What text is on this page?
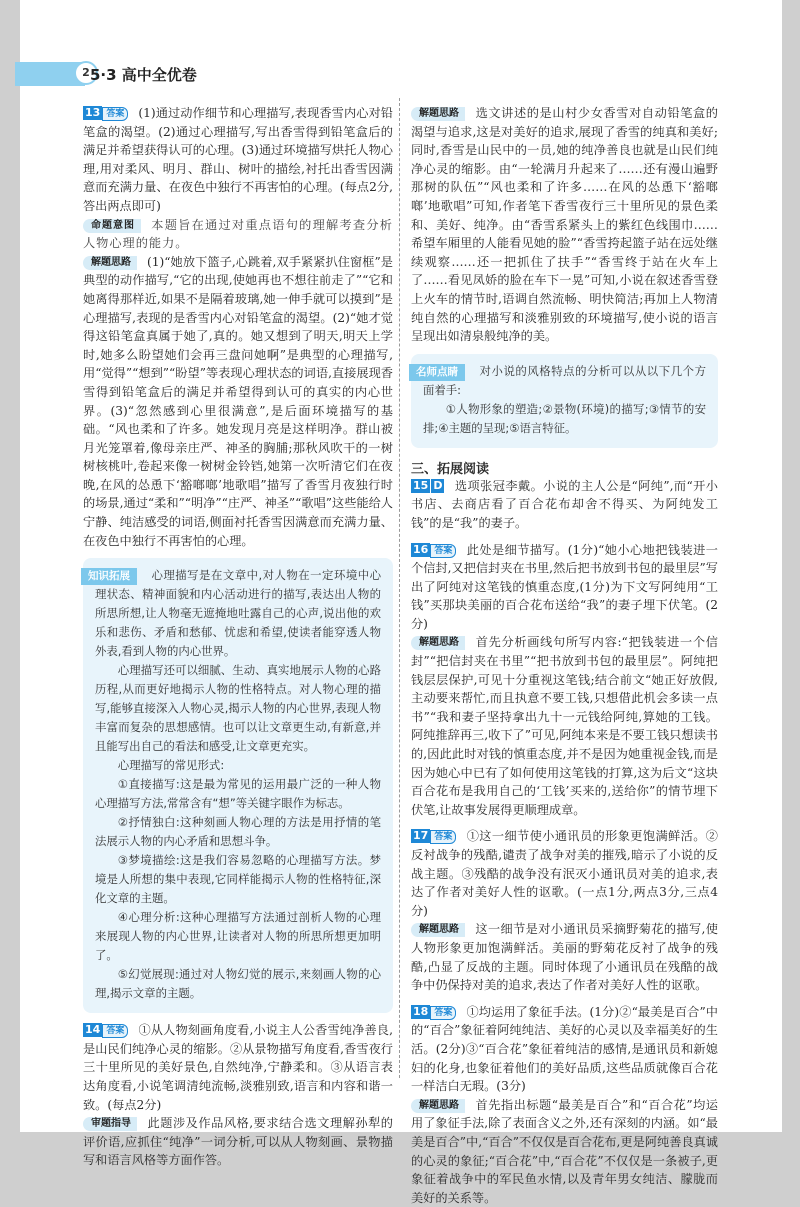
2 5·3 高中全优卷

13 答案 (1)通过动作细节和心理描写,表现香雪内心对铅笔盒的渴望。(2)通过心理描写,写出香雪得到铅笔盒后的满足并希望获得认可的心理。(3)通过环境描写烘托人物心理,用对柔风、明月、群山、树叶的描绘,衬托出香雪因满意而充满力量、在夜色中独行不再害怕的心理。(每点2分,答出两点即可)

命题意图 本题旨在通过对重点语句的理解考查分析人物心理的能力。

解题思路 (1)“她放下篮子,心跳着,双手紧紧扒住窗框”是典型的动作描写,“它的出现,使她再也不想往前走了”“它和她离得那样近,如果不是隔着玻璃,她一伸手就可以摸到”是心理描写,表现的是香雪内心对铅笔盒的渴望。(2)“她才觉得这铅笔盒真属于她了,真的。她又想到了明天,明天上学时,她多么盼望她们会再三盘问她啊”是典型的心理描写,用“觉得”“想到”“盼望”等表现心理状态的词语,直接展现香雪得到铅笔盒后的满足并希望得到认可的真实的内心世界。(3)“忽然感到心里很满意”,是后面环境描写的基础。“风也柔和了许多。她发现月亮是这样明净。群山被月光笼罩着,像母亲庄严、神圣的胸脯;那秋风吹干的一树树核桃叶,卷起来像一树树金铃铛,她第一次听清它们在夜晚,在风的怂恿下‘豁啷啷’地歌唱”描写了香雪月夜独行时的场景,通过“柔和”“明净”“庄严、神圣”“歌唱”这些能给人宁静、纯洁感受的词语,侧面衬托香雪因满意而充满力量、在夜色中独行不再害怕的心理。

知识拓展 心理描写是在文章中,对人物在一定环境中心理状态、精神面貌和内心活动进行的描写,表达出人物的所思所想,让人物毫无遮掩地吐露自己的心声,说出他的欢乐和悲伤、矛盾和愁郁、忧虑和希望,使读者能穿透人物外表,看到人物的内心世界。

心理描写还可以细腻、生动、真实地展示人物的心路历程,从而更好地揭示人物的性格特点。对人物心理的描写,能够直接深入人物心灵,揭示人物的内心世界,表现人物丰富而复杂的思想感情。也可以让文章更生动,有新意,并且能写出自己的看法和感受,让文章更充实。

心理描写的常见形式:

①直接描写:这是最为常见的运用最广泛的一种人物心理描写方法,常常含有“想”等关键字眼作为标志。

②抒情独白:这种刻画人物心理的方法是用抒情的笔法展示人物的内心矛盾和思想斗争。

③梦境描绘:这是我们容易忽略的心理描写方法。梦境是人所想的集中表现,它同样能揭示人物的性格特征,深化文章的主题。

④心理分析:这种心理描写方法通过剖析人物的心理来展现人物的内心世界,让读者对人物的所思所想更加明了。

⑤幻觉展现:通过对人物幻觉的展示,来刻画人物的心理,揭示文章的主题。

14 答案 ①从人物刻画角度看,小说主人公香雪纯净善良,是山民们纯净心灵的缩影。②从景物描写角度看,香雪夜行三十里所见的美好景色,自然纯净,宁静柔和。③从语言表达角度看,小说笔调清纯流畅,淡雅别致,语言和内容和谐一致。(每点2分)

审题指导 此题涉及作品风格,要求结合选文理解孙犁的评价语,应抓住“纯净”一词分析,可以从人物刻画、景物描写和语言风格等方面作答。

解题思路 选文讲述的是山村少女香雪对自动铅笔盒的渴望与追求,这是对美好的追求,展现了香雪的纯真和美好;同时,香雪是山民中的一员,她的纯净善良也就是山民们纯净心灵的缩影。由“一轮满月升起来了……还有漫山遍野那树的队伍”“风也柔和了许多……在风的怂恿下‘豁啷啷’地歌唱”可知,作者笔下香雪夜行三十里所见的景色柔和、美好、纯净。由“香雪系紧头上的紫红色线围巾……希望车厢里的人能看见她的脸”“香雪挎起篮子站在远处继续观察……还一把抓住了扶手”“香雪终于站在火车上了……看见凤娇的脸在车下一晃”可知,小说在叙述香雪登上火车的情节时,语调自然流畅、明快简洁;再加上人物清纯自然的心理描写和淡雅别致的环境描写,使小说的语言呈现出如清泉般纯净的美。

名师点睛 对小说的风格特点的分析可以从以下几个方面着手:

①人物形象的塑造;②景物(环境)的描写;③情节的安排;④主题的呈现;⑤语言特征。

三、拓展阅读

15 D 选项张冠李戴。小说的主人公是“阿纯”,而“开小书店、去商店看了百合花布却舍不得买、为阿纯发工钱”的是“我”的妻子。

16 答案 此处是细节描写。(1分)“她小心地把钱装进一个信封,又把信封夹在书里,然后把书放到书包的最里层”写出了阿纯对这笔钱的慎重态度,(1分)为下文写阿纯用“工钱”买那块美丽的百合花布送给“我”的妻子埋下伏笔。(2分)

解题思路 首先分析画线句所写内容:“把钱装进一个信封”“把信封夹在书里”“把书放到书包的最里层”。阿纯把钱层层保护,可见十分重视这笔钱;结合前文“她正好放假,主动要来帮忙,而且执意不要工钱,只想借此机会多读一点书”“我和妻子坚持拿出九十一元钱给阿纯,算她的工钱。阿纯推辞再三,收下了”可见,阿纯本来是不要工钱只想读书的,因此此时对钱的慎重态度,并不是因为她重视金钱,而是因为她心中已有了如何使用这笔钱的打算,这为后文“这块百合花布是我用自己的‘工钱’买来的,送给你”的情节埋下伏笔,让故事发展得更顺理成章。

17 答案 ①这一细节使小通讯员的形象更饱满鲜活。②反衬战争的残酷,谴责了战争对美的摧残,暗示了小说的反战主题。③残酷的战争没有泯灭小通讯员对美的追求,表达了作者对美好人性的讴歌。(一点1分,两点3分,三点4分)

解题思路 这一细节是对小通讯员采摘野菊花的描写,使人物形象更加饱满鲜活。美丽的野菊花反衬了战争的残酷,凸显了反战的主题。同时体现了小通讯员在残酷的战争中仍保持对美的追求,表达了作者对美好人性的讴歌。

18 答案 ①均运用了象征手法。(1分)②“最美是百合”中的“百合”象征着阿纯纯洁、美好的心灵以及幸福美好的生活。(2分)③“百合花”象征着纯洁的感情,是通讯员和新媳妇的化身,也象征着他们的美好品质,这些品质就像百合花一样洁白无瑕。(3分)

解题思路 首先指出标题“最美是百合”和“百合花”均运用了象征手法,除了表面含义之外,还有深刻的内涵。如“最美是百合”中,“百合”不仅仅是百合花布,更是阿纯善良真诚的心灵的象征;“百合花”中,“百合花”不仅仅是一条被子,更象征着战争中的军民鱼水情,以及青年男女纯洁、朦胧而美好的关系等。
